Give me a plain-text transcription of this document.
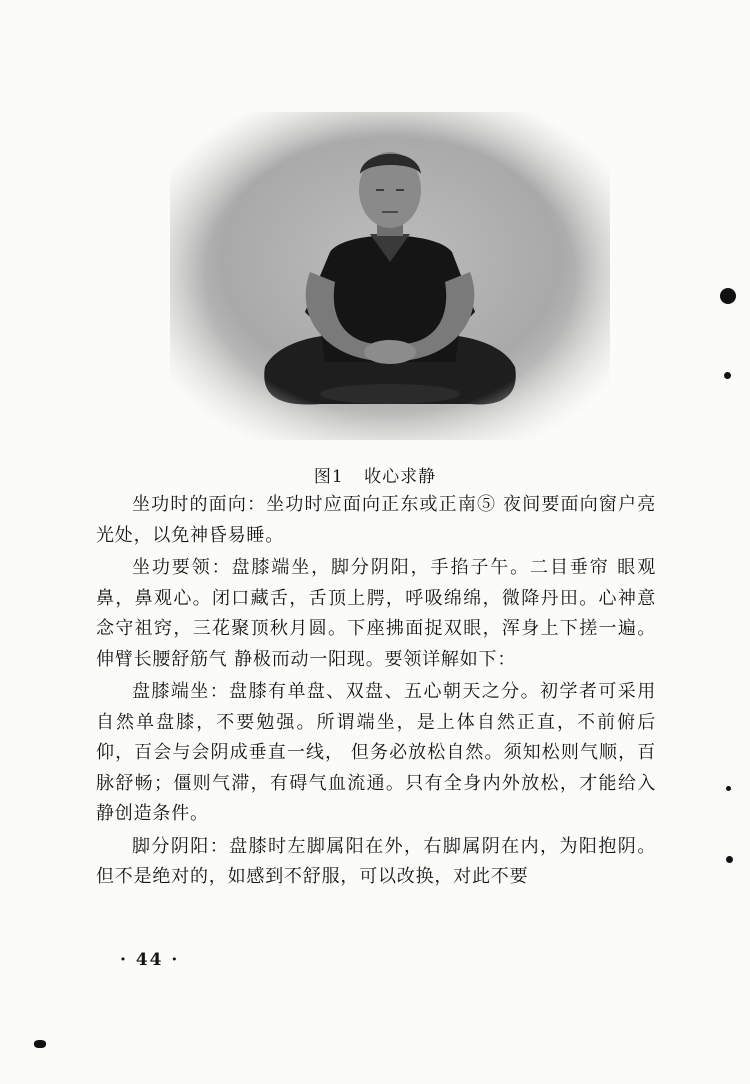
图1 收心求静

坐功时的面向：坐功时应面向正东或正南⑤ 夜间要面向窗户亮光处，以免神昏易睡。

坐功要领：盘膝端坐，脚分阴阳，手掐子午。二目垂帘 眼观鼻，鼻观心。闭口藏舌，舌顶上腭，呼吸绵绵，微降丹田。心神意念守祖窍，三花聚顶秋月圆。下座拂面捉双眼，浑身上下搓一遍。伸臂长腰舒筋气 静极而动一阳现。要领详解如下：

盘膝端坐：盘膝有单盘、双盘、五心朝天之分。初学者可采用自然单盘膝，不要勉强。所谓端坐，是上体自然正直，不前俯后仰，百会与会阴成垂直一线， 但务必放松自然。须知松则气顺，百脉舒畅；僵则气滞，有碍气血流通。只有全身内外放松，才能给入静创造条件。

脚分阴阳：盘膝时左脚属阳在外，右脚属阴在内，为阳抱阴。但不是绝对的，如感到不舒服，可以改换，对此不要

· 44 ·
